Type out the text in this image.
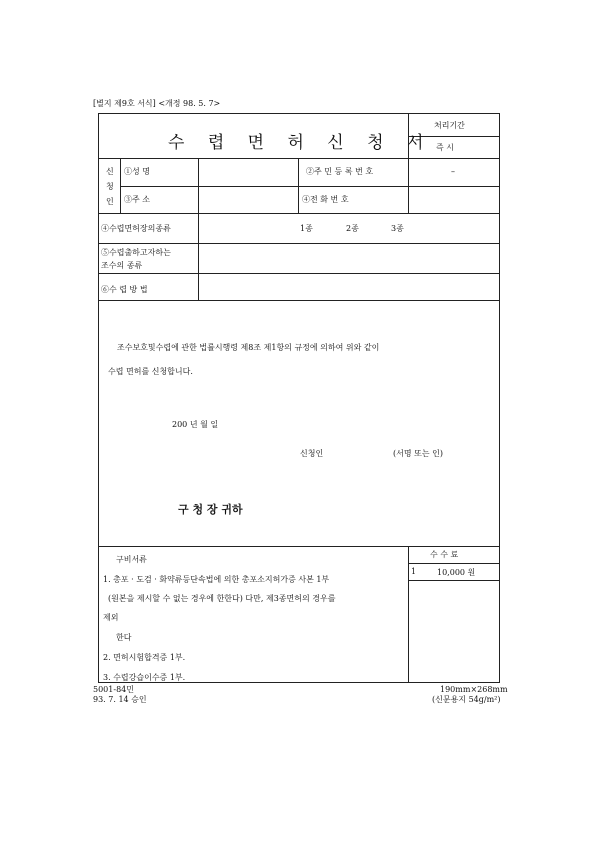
[별지 제9호 서식] <개정 98. 5. 7>
수 렵 면 허 신 청 서
처리기간
즉 시
신
청
인
①성 명	②주 민 등 록 번 호	–
③주 소	④전 화 번 호
④수렵면허장의종류	1종	2종	3종
⑤수렵출하고자하는
조수의 종류
⑥수 렵 방 법
조수보호및수렵에 관한 법률시행령 제8조 제1항의 규정에 의하여 위와 같이
수렵 면허를 신청합니다.
200 년 월 일
신청인	(서명 또는 인)
구 청 장 귀하
구비서류
1. 총포 · 도검 · 화약류등단속법에 의한 총포소지허가증 사본 1부
(원본을 제시할 수 없는 경우에 한한다) 다만, 제3종면허의 경우를
제외
한다
2. 면허시험합격증 1부.
3. 수렵강습이수증 1부.
수 수 료
1	10,000 원
5001-84민
93. 7. 14 승인
190mm×268mm
(신문용지 54g/m²)
